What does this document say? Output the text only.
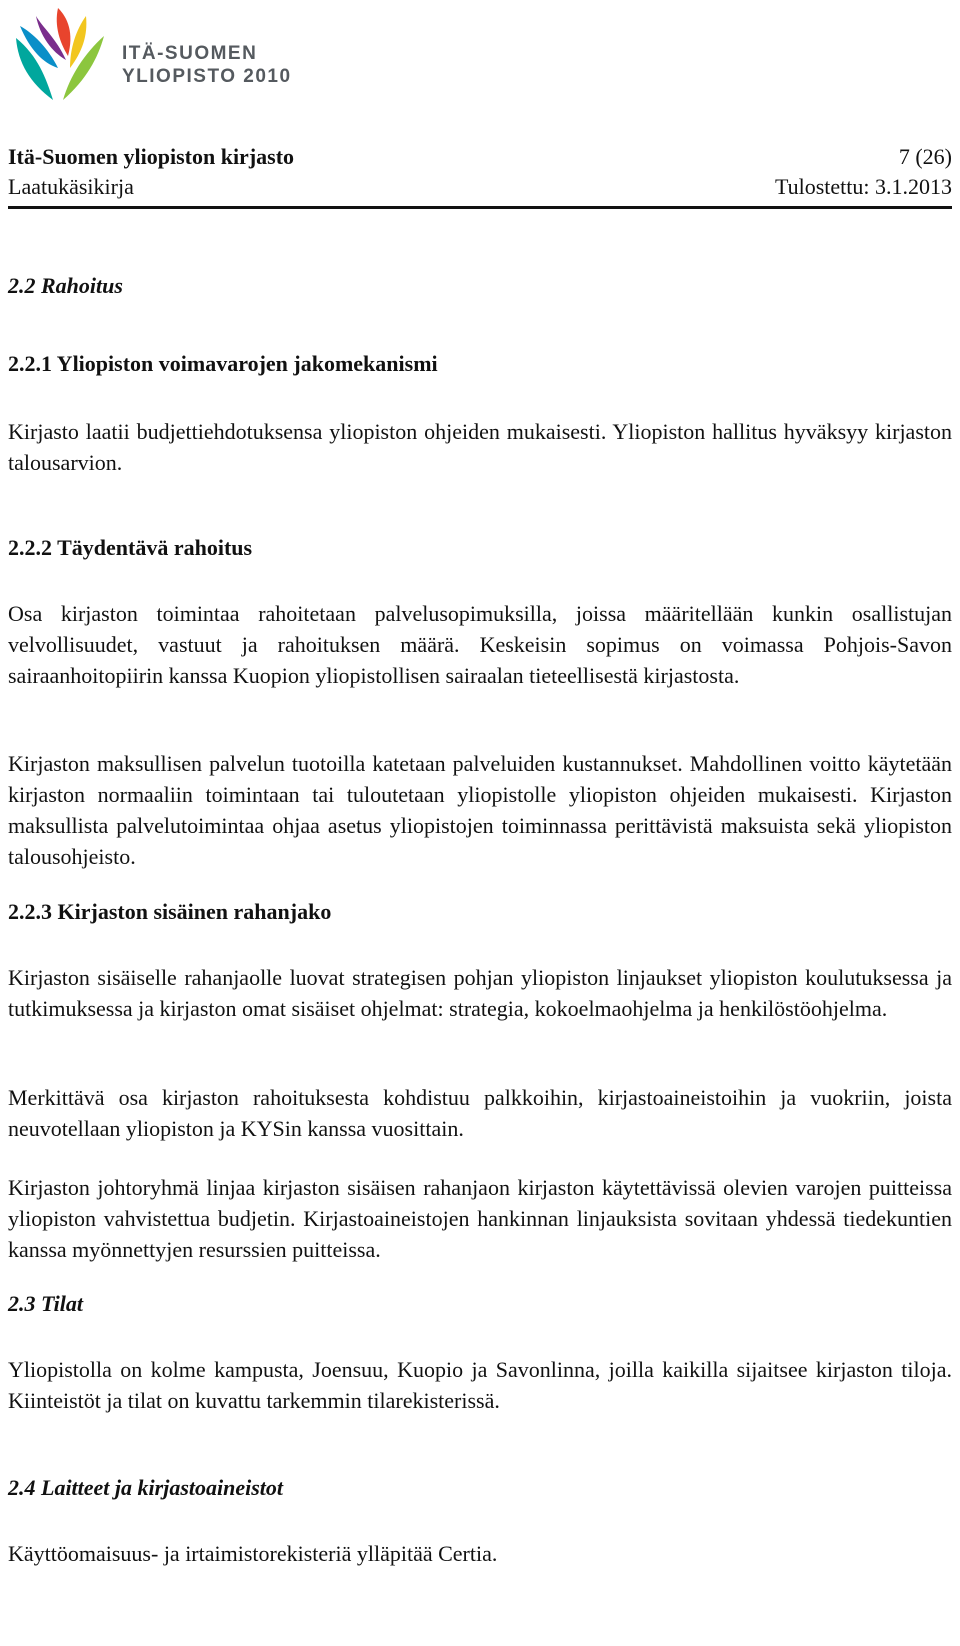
ITÄ-SUOMEN
YLIOPISTO 2010
Itä-Suomen yliopiston kirjasto	7 (26)
Laatukäsikirja	Tulostettu: 3.1.2013
2.2 Rahoitus
2.2.1 Yliopiston voimavarojen jakomekanismi

Kirjasto laatii budjettiehdotuksensa yliopiston ohjeiden mukaisesti. Yliopiston hallitus hyväksyy kirjaston talousarvion.

2.2.2 Täydentävä rahoitus

Osa kirjaston toimintaa rahoitetaan palvelusopimuksilla, joissa määritellään kunkin osallistujan velvollisuudet, vastuut ja rahoituksen määrä. Keskeisin sopimus on voimassa Pohjois-Savon sairaanhoitopiirin kanssa Kuopion yliopistollisen sairaalan tieteellisestä kirjastosta.

Kirjaston maksullisen palvelun tuotoilla katetaan palveluiden kustannukset. Mahdollinen voitto käytetään kirjaston normaaliin toimintaan tai tuloutetaan yliopistolle yliopiston ohjeiden mukaisesti. Kirjaston maksullista palvelutoimintaa ohjaa asetus yliopistojen toiminnassa perittävistä maksuista sekä yliopiston talousohjeisto.

2.2.3 Kirjaston sisäinen rahanjako

Kirjaston sisäiselle rahanjaolle luovat strategisen pohjan yliopiston linjaukset yliopiston koulutuksessa ja tutkimuksessa ja kirjaston omat sisäiset ohjelmat: strategia, kokoelmaohjelma ja henkilöstöohjelma.

Merkittävä osa kirjaston rahoituksesta kohdistuu palkkoihin, kirjastoaineistoihin ja vuokriin, joista neuvotellaan yliopiston ja KYSin kanssa vuosittain.

Kirjaston johtoryhmä linjaa kirjaston sisäisen rahanjaon kirjaston käytettävissä olevien varojen puitteissa yliopiston vahvistettua budjetin. Kirjastoaineistojen hankinnan linjauksista sovitaan yhdessä tiedekuntien kanssa myönnettyjen resurssien puitteissa.

2.3 Tilat

Yliopistolla on kolme kampusta, Joensuu, Kuopio ja Savonlinna, joilla kaikilla sijaitsee kirjaston tiloja. Kiinteistöt ja tilat on kuvattu tarkemmin tilarekisterissä.

2.4 Laitteet ja kirjastoaineistot

Käyttöomaisuus- ja irtaimistorekisteriä ylläpitää Certia.
